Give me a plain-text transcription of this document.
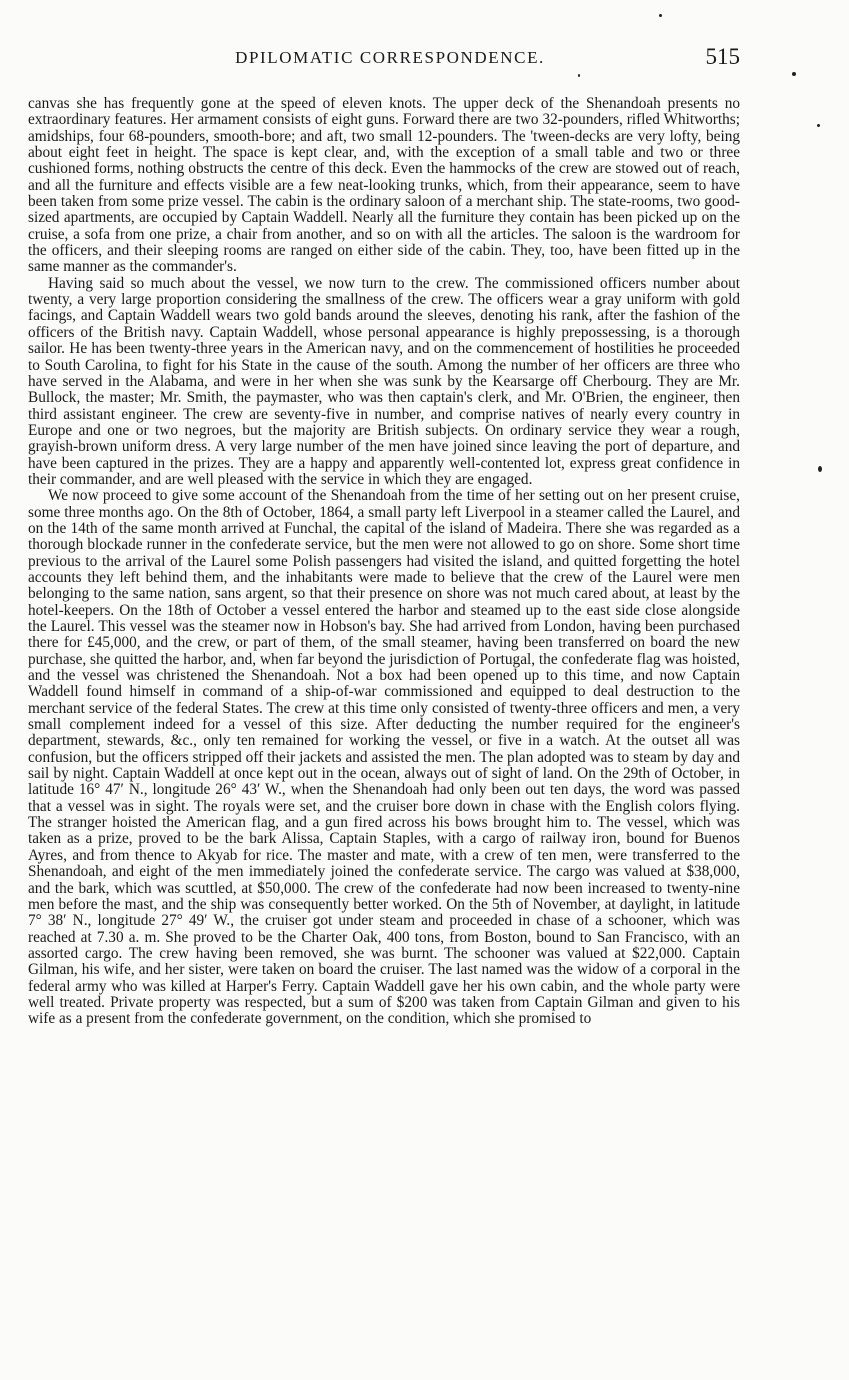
DPILOMATIC CORRESPONDENCE.	515

canvas she has frequently gone at the speed of eleven knots. The upper deck of the Shenandoah presents no extraordinary features. Her armament consists of eight guns. Forward there are two 32-pounders, rifled Whitworths; amidships, four 68-pounders, smooth-bore; and aft, two small 12-pounders. The 'tween-decks are very lofty, being about eight feet in height. The space is kept clear, and, with the exception of a small table and two or three cushioned forms, nothing obstructs the centre of this deck. Even the hammocks of the crew are stowed out of reach, and all the furniture and effects visible are a few neat-looking trunks, which, from their appearance, seem to have been taken from some prize vessel. The cabin is the ordinary saloon of a merchant ship. The state-rooms, two good-sized apartments, are occupied by Captain Waddell. Nearly all the furniture they contain has been picked up on the cruise, a sofa from one prize, a chair from another, and so on with all the articles. The saloon is the wardroom for the officers, and their sleeping rooms are ranged on either side of the cabin. They, too, have been fitted up in the same manner as the commander's.

Having said so much about the vessel, we now turn to the crew. The commissioned officers number about twenty, a very large proportion considering the smallness of the crew. The officers wear a gray uniform with gold facings, and Captain Waddell wears two gold bands around the sleeves, denoting his rank, after the fashion of the officers of the British navy. Captain Waddell, whose personal appearance is highly prepossessing, is a thorough sailor. He has been twenty-three years in the American navy, and on the commencement of hostilities he proceeded to South Carolina, to fight for his State in the cause of the south. Among the number of her officers are three who have served in the Alabama, and were in her when she was sunk by the Kearsarge off Cherbourg. They are Mr. Bullock, the master; Mr. Smith, the paymaster, who was then captain's clerk, and Mr. O'Brien, the engineer, then third assistant engineer. The crew are seventy-five in number, and comprise natives of nearly every country in Europe and one or two negroes, but the majority are British subjects. On ordinary service they wear a rough, grayish-brown uniform dress. A very large number of the men have joined since leaving the port of departure, and have been captured in the prizes. They are a happy and apparently well-contented lot, express great confidence in their commander, and are well pleased with the service in which they are engaged.

We now proceed to give some account of the Shenandoah from the time of her setting out on her present cruise, some three months ago. On the 8th of October, 1864, a small party left Liverpool in a steamer called the Laurel, and on the 14th of the same month arrived at Funchal, the capital of the island of Madeira. There she was regarded as a thorough blockade runner in the confederate service, but the men were not allowed to go on shore. Some short time previous to the arrival of the Laurel some Polish passengers had visited the island, and quitted forgetting the hotel accounts they left behind them, and the inhabitants were made to believe that the crew of the Laurel were men belonging to the same nation, sans argent, so that their presence on shore was not much cared about, at least by the hotel-keepers. On the 18th of October a vessel entered the harbor and steamed up to the east side close alongside the Laurel. This vessel was the steamer now in Hobson's bay. She had arrived from London, having been purchased there for £45,000, and the crew, or part of them, of the small steamer, having been transferred on board the new purchase, she quitted the harbor, and, when far beyond the jurisdiction of Portugal, the confederate flag was hoisted, and the vessel was christened the Shenandoah. Not a box had been opened up to this time, and now Captain Waddell found himself in command of a ship-of-war commissioned and equipped to deal destruction to the merchant service of the federal States. The crew at this time only consisted of twenty-three officers and men, a very small complement indeed for a vessel of this size. After deducting the number required for the engineer's department, stewards, &c., only ten remained for working the vessel, or five in a watch. At the outset all was confusion, but the officers stripped off their jackets and assisted the men. The plan adopted was to steam by day and sail by night. Captain Waddell at once kept out in the ocean, always out of sight of land. On the 29th of October, in latitude 16° 47′ N., longitude 26° 43′ W., when the Shenandoah had only been out ten days, the word was passed that a vessel was in sight. The royals were set, and the cruiser bore down in chase with the English colors flying. The stranger hoisted the American flag, and a gun fired across his bows brought him to. The vessel, which was taken as a prize, proved to be the bark Alissa, Captain Staples, with a cargo of railway iron, bound for Buenos Ayres, and from thence to Akyab for rice. The master and mate, with a crew of ten men, were transferred to the Shenandoah, and eight of the men immediately joined the confederate service. The cargo was valued at $38,000, and the bark, which was scuttled, at $50,000. The crew of the confederate had now been increased to twenty-nine men before the mast, and the ship was consequently better worked. On the 5th of November, at daylight, in latitude 7° 38′ N., longitude 27° 49′ W., the cruiser got under steam and proceeded in chase of a schooner, which was reached at 7.30 a. m. She proved to be the Charter Oak, 400 tons, from Boston, bound to San Francisco, with an assorted cargo. The crew having been removed, she was burnt. The schooner was valued at $22,000. Captain Gilman, his wife, and her sister, were taken on board the cruiser. The last named was the widow of a corporal in the federal army who was killed at Harper's Ferry. Captain Waddell gave her his own cabin, and the whole party were well treated. Private property was respected, but a sum of $200 was taken from Captain Gilman and given to his wife as a present from the confederate government, on the condition, which she promised to
